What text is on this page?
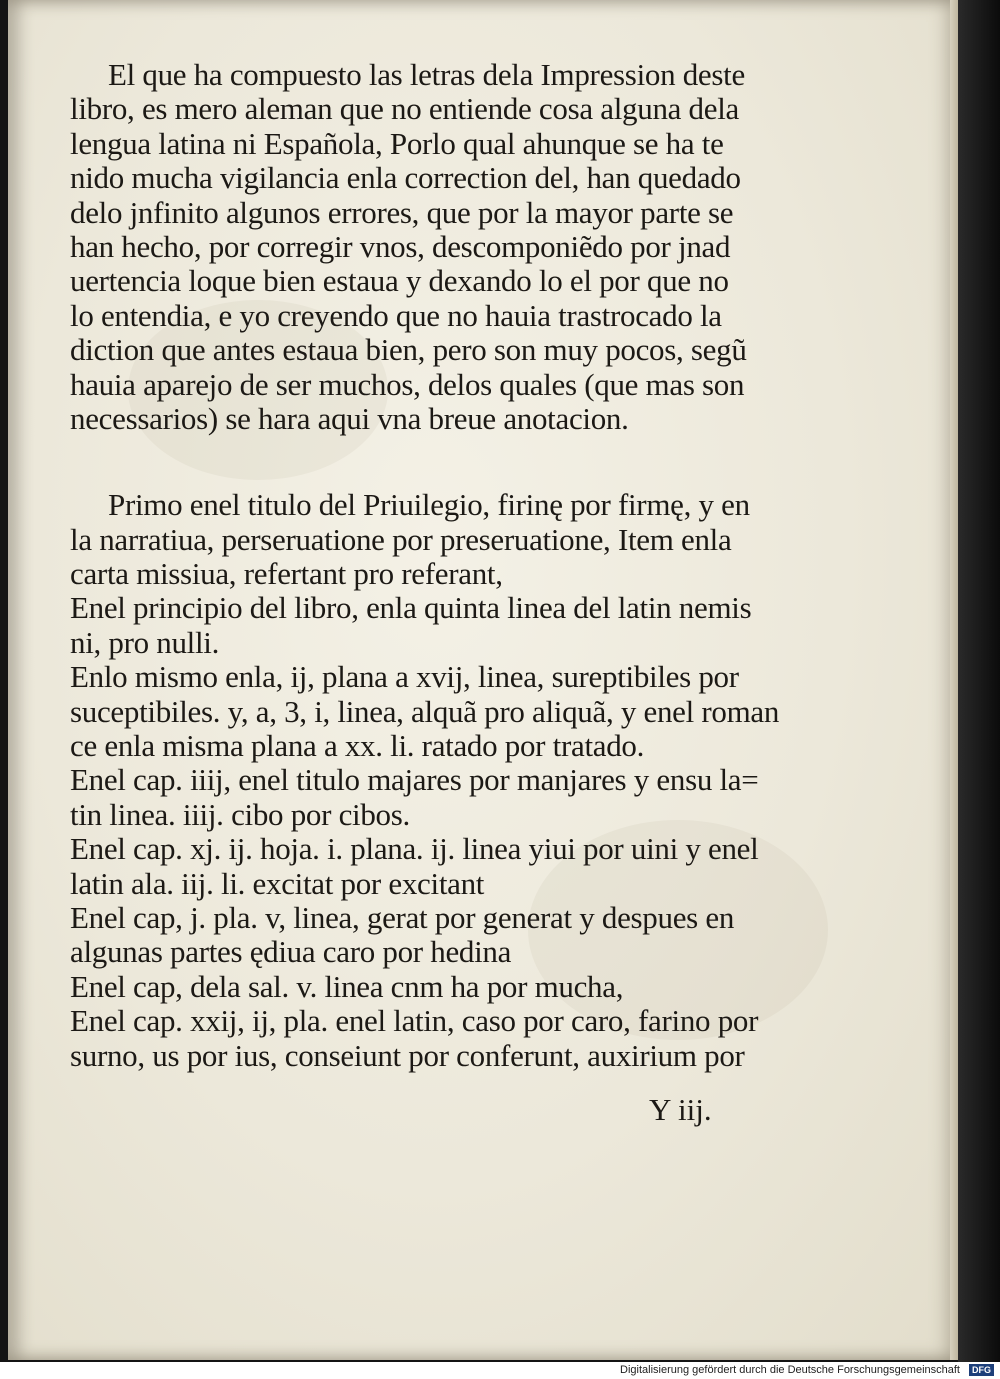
El que ha compuesto las letras dela Impression deste
libro, es mero aleman que no entiende cosa alguna dela
lengua latina ni Española, Porlo qual ahunque se ha te
nido mucha vigilancia enla correction del, han quedado
delo jnfinito algunos errores, que por la mayor parte se
han hecho, por corregir vnos, descomponiẽdo por jnad
uertencia loque bien estaua y dexando lo el por que no
lo entendia, e yo creyendo que no hauia trastrocado la
diction que antes estaua bien, pero son muy pocos, segũ
hauia aparejo de ser muchos, delos quales (que mas son
necessarios) se hara aqui vna breue anotacion.
Primo enel titulo del Priuilegio, firinę por firmę, y en
la narratiua, perseruatione por preseruatione, Item enla
carta missiua, refertant pro referant,
Enel principio del libro, enla quinta linea del latin nemis
ni, pro nulli.
Enlo mismo enla, ij, plana a xvij, linea, sureptibiles por
suceptibiles. y, a, 3, i, linea, alquã pro aliquã, y enel roman
ce enla misma plana a xx. li. ratado por tratado.
Enel cap. iiij, enel titulo majares por manjares y ensu la=
tin linea. iiij. cibo por cibos.
Enel cap. xj. ij. hoja. i. plana. ij. linea yiui por uini y enel
latin ala. iij. li. excitat por excitant
Enel cap, j. pla. v, linea, gerat por generat y despues en
algunas partes ędiua caro por hedina
Enel cap, dela sal. v. linea cnm ha por mucha,
Enel cap. xxij, ij, pla. enel latin, caso por caro, farino por
surno, us por ius, conseiunt por conferunt, auxirium por
Y iij.
Digitalisierung gefördert durch die Deutsche Forschungsgemeinschaft	DFG
